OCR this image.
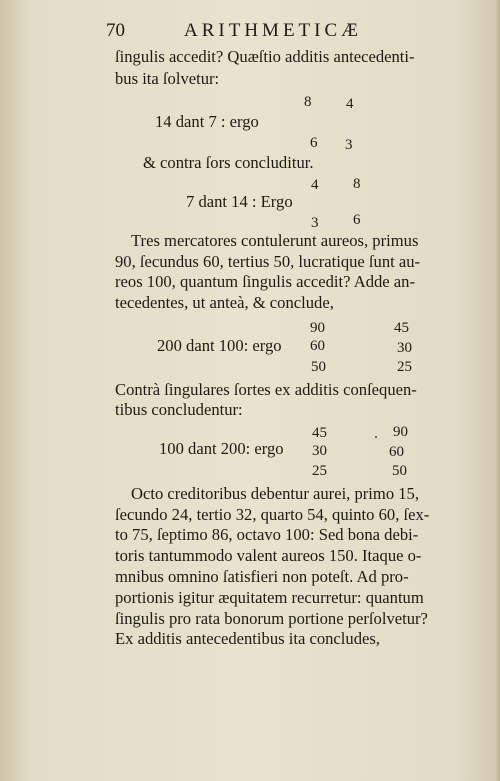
70	ARITHMETICÆ
ſingulis accedit? Quæſtio additis antecedenti-
bus ita ſolvetur:
8 4
14 dant 7 : ergo
6 3
& contra ſors concluditur.
4 8
7 dant 14 : Ergo
3 6
Tres mercatores contulerunt aureos, primus
90, ſecundus 60, tertius 50, lucratique ſunt au-
reos 100, quantum ſingulis accedit? Adde an-
tecedentes, ut anteà, & conclude,
90	45
200 dant 100: ergo 60	30
50	25
Contrà ſingulares ſortes ex additis conſequen-
tibus concludentur:
45	90
100 dant 200: ergo 30	60
25	50
Octo creditoribus debentur aurei, primo 15,
ſecundo 24, tertio 32, quarto 54, quinto 60, ſex-
to 75, ſeptimo 86, octavo 100: Sed bona debi-
toris tantummodo valent aureos 150. Itaque o-
mnibus omnino ſatisfieri non poteſt. Ad pro-
portionis igitur æquitatem recurretur: quantum
ſingulis pro rata bonorum portione perſolvetur?
Ex additis antecedentibus ita concludes,
